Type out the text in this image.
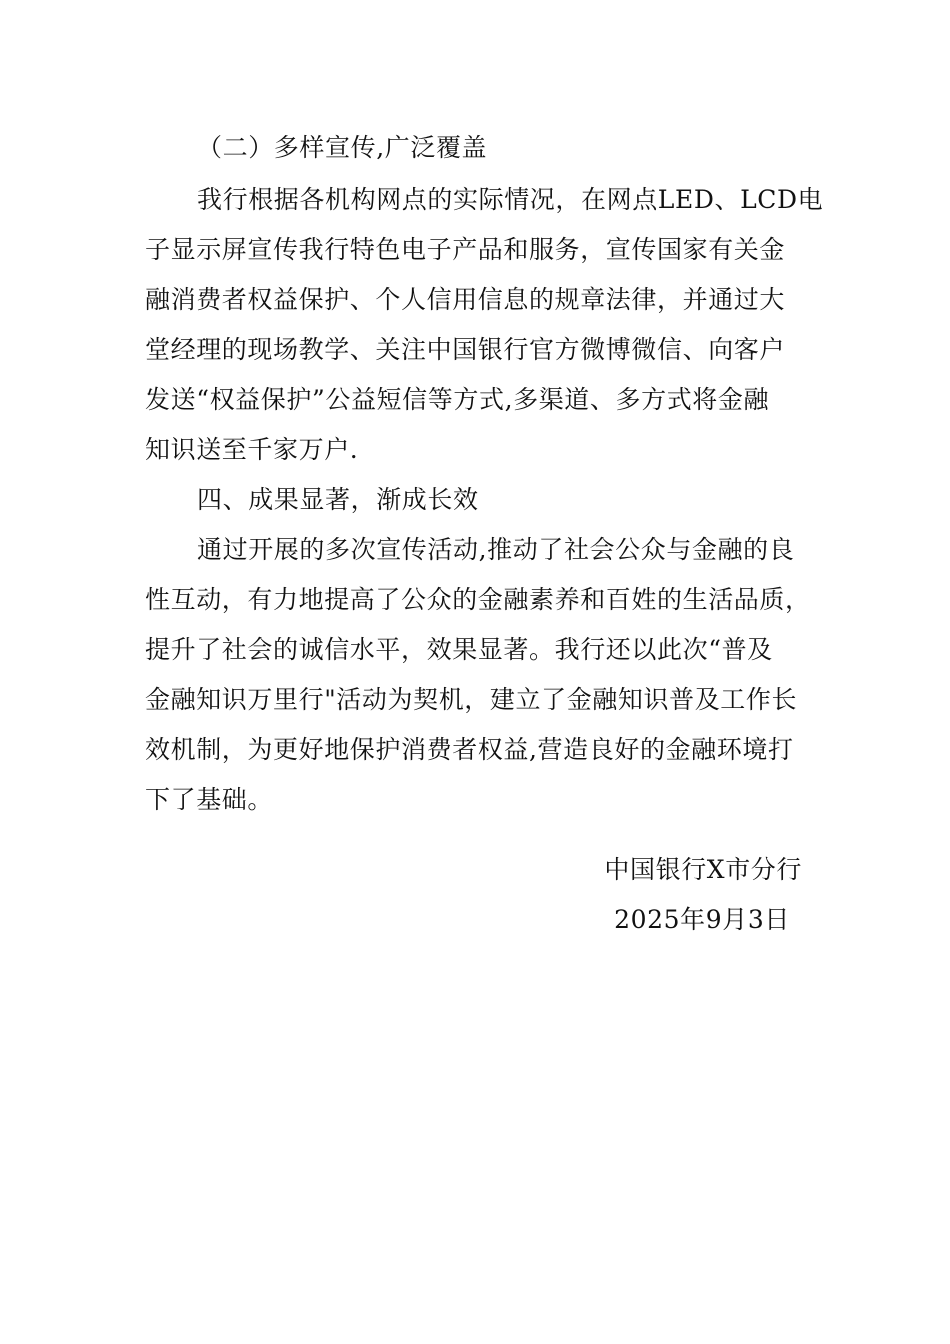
（二）多样宣传,广泛覆盖
我行根据各机构网点的实际情况，在网点LED、LCD电
子显示屏宣传我行特色电子产品和服务，宣传国家有关金
融消费者权益保护、个人信用信息的规章法律，并通过大
堂经理的现场教学、关注中国银行官方微博微信、向客户
发送“权益保护”公益短信等方式,多渠道、多方式将金融
知识送至千家万户.
四、成果显著，渐成长效
通过开展的多次宣传活动,推动了社会公众与金融的良
性互动，有力地提高了公众的金融素养和百姓的生活品质，
提升了社会的诚信水平，效果显著。我行还以此次“普及
金融知识万里行"活动为契机，建立了金融知识普及工作长
效机制，为更好地保护消费者权益,营造良好的金融环境打
下了基础。
中国银行X市分行
2025年9月3日
